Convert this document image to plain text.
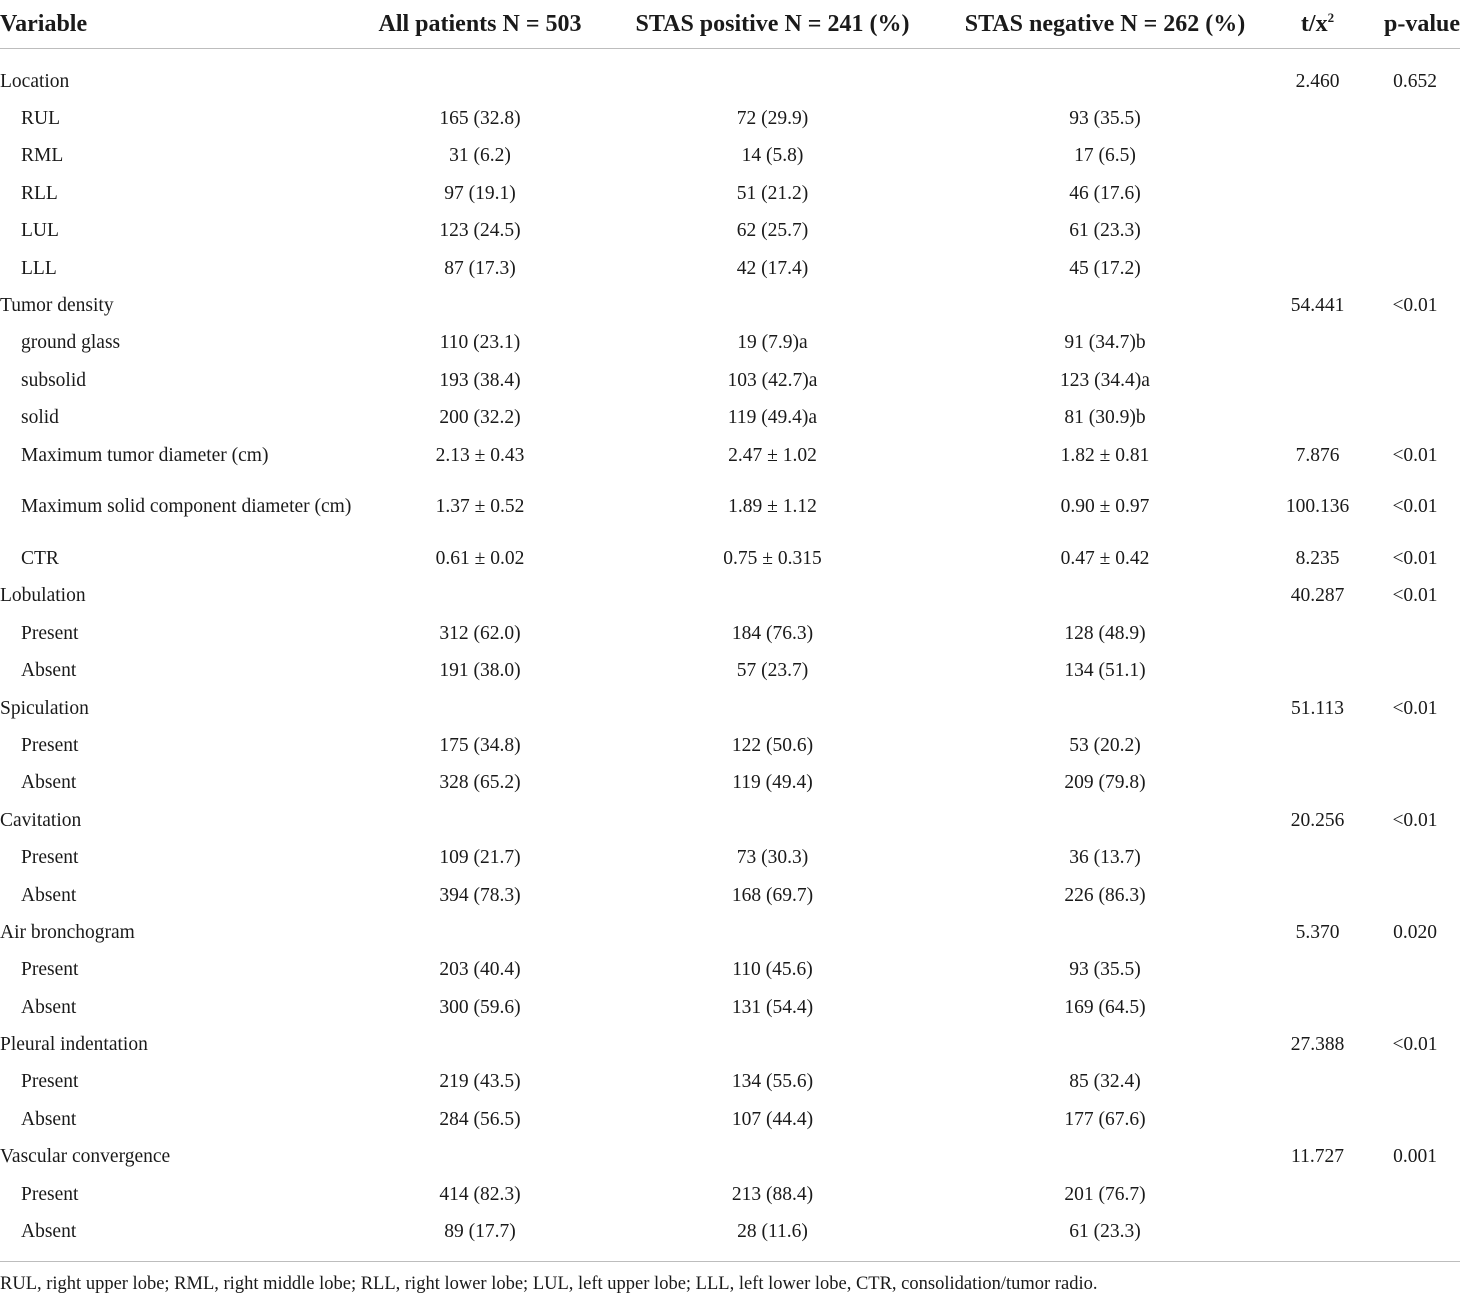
Variable	All patients N = 503	STAS positive N = 241 (%)	STAS negative N = 262 (%)	$t/x^2$	p-value
Location				2.460	0.652
RUL	165 (32.8)	72 (29.9)	93 (35.5)		
RML	31 (6.2)	14 (5.8)	17 (6.5)		
RLL	97 (19.1)	51 (21.2)	46 (17.6)		
LUL	123 (24.5)	62 (25.7)	61 (23.3)		
LLL	87 (17.3)	42 (17.4)	45 (17.2)		
Tumor density				54.441	<0.01
ground glass	110 (23.1)	19 (7.9)a	91 (34.7)b		
subsolid	193 (38.4)	103 (42.7)a	123 (34.4)a		
solid	200 (32.2)	119 (49.4)a	81 (30.9)b		
Maximum tumor diameter (cm)	2.13 ± 0.43	2.47 ± 1.02	1.82 ± 0.81	7.876	<0.01
Maximum solid component diameter (cm)	1.37 ± 0.52	1.89 ± 1.12	0.90 ± 0.97	100.136	<0.01
CTR	0.61 ± 0.02	0.75 ± 0.315	0.47 ± 0.42	8.235	<0.01
Lobulation				40.287	<0.01
Present	312 (62.0)	184 (76.3)	128 (48.9)		
Absent	191 (38.0)	57 (23.7)	134 (51.1)		
Spiculation				51.113	<0.01
Present	175 (34.8)	122 (50.6)	53 (20.2)		
Absent	328 (65.2)	119 (49.4)	209 (79.8)		
Cavitation				20.256	<0.01
Present	109 (21.7)	73 (30.3)	36 (13.7)		
Absent	394 (78.3)	168 (69.7)	226 (86.3)		
Air bronchogram				5.370	0.020
Present	203 (40.4)	110 (45.6)	93 (35.5)		
Absent	300 (59.6)	131 (54.4)	169 (64.5)		
Pleural indentation				27.388	<0.01
Present	219 (43.5)	134 (55.6)	85 (32.4)		
Absent	284 (56.5)	107 (44.4)	177 (67.6)		
Vascular convergence				11.727	0.001
Present	414 (82.3)	213 (88.4)	201 (76.7)		
Absent	89 (17.7)	28 (11.6)	61 (23.3)		
RUL, right upper lobe; RML, right middle lobe; RLL, right lower lobe; LUL, left upper lobe; LLL, left lower lobe, CTR, consolidation/tumor radio.					
